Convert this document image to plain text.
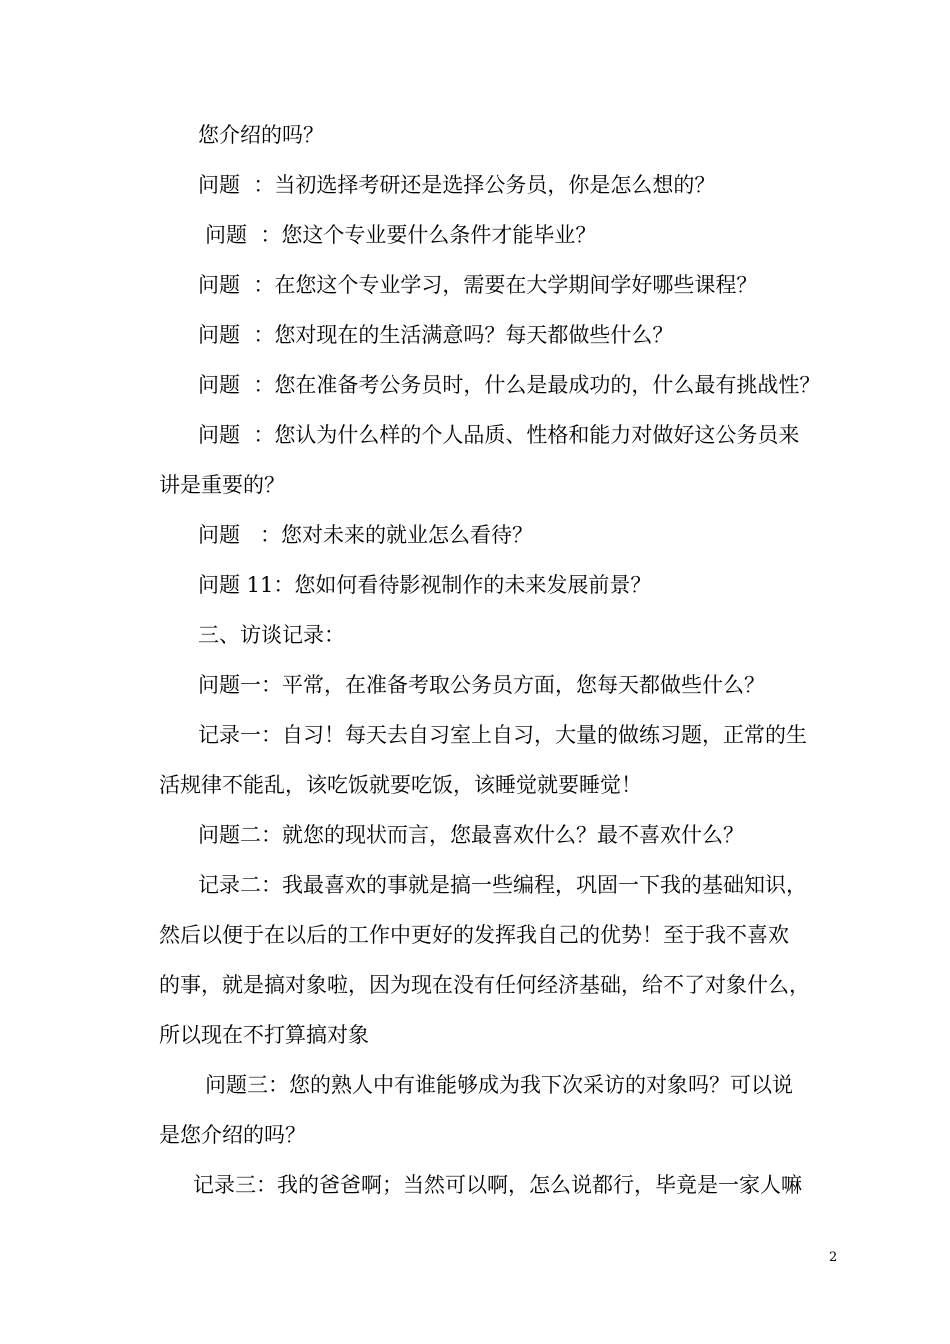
您介绍的吗？

问题  ：当初选择考研还是选择公务员，你是怎么想的？

问题  ：您这个专业要什么条件才能毕业？

问题  ：在您这个专业学习，需要在大学期间学好哪些课程？

问题  ：您对现在的生活满意吗？每天都做些什么？

问题  ：您在准备考公务员时，什么是最成功的，什么最有挑战性？

问题  ：您认为什么样的个人品质、性格和能力对做好这公务员来

讲是重要的？

问题   ：您对未来的就业怎么看待？

问题 11：您如何看待影视制作的未来发展前景？

三、访谈记录：

问题一：平常，在准备考取公务员方面，您每天都做些什么？

记录一：自习！每天去自习室上自习，大量的做练习题，正常的生

活规律不能乱，该吃饭就要吃饭，该睡觉就要睡觉！

问题二：就您的现状而言，您最喜欢什么？最不喜欢什么？

记录二：我最喜欢的事就是搞一些编程，巩固一下我的基础知识，

然后以便于在以后的工作中更好的发挥我自己的优势！至于我不喜欢

的事，就是搞对象啦，因为现在没有任何经济基础，给不了对象什么，

所以现在不打算搞对象

问题三：您的熟人中有谁能够成为我下次采访的对象吗？可以说

是您介绍的吗？

记录三：我的爸爸啊；当然可以啊，怎么说都行，毕竟是一家人嘛

2
